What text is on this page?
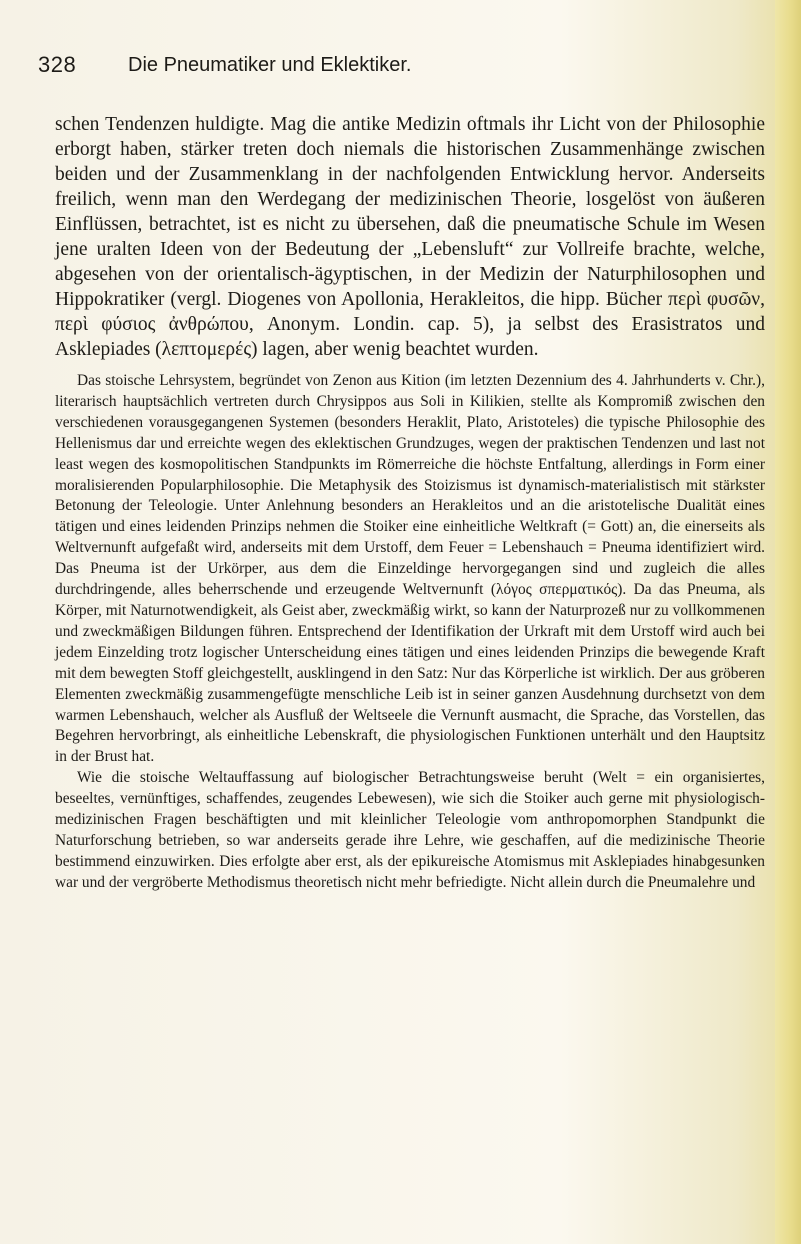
328	Die Pneumatiker und Eklektiker.

schen Tendenzen huldigte. Mag die antike Medizin oftmals ihr Licht von der Philosophie erborgt haben, stärker treten doch niemals die historischen Zusammenhänge zwischen beiden und der Zusammenklang in der nachfolgenden Entwicklung hervor. Anderseits freilich, wenn man den Werdegang der medizinischen Theorie, losgelöst von äußeren Einflüssen, betrachtet, ist es nicht zu übersehen, daß die pneumatische Schule im Wesen jene uralten Ideen von der Bedeutung der „Lebensluft“ zur Vollreife brachte, welche, abgesehen von der orientalisch-ägyptischen, in der Medizin der Naturphilosophen und Hippokratiker (vergl. Diogenes von Apollonia, Herakleitos, die hipp. Bücher περὶ φυσῶν, περὶ φύσιος ἀνθρώπου, Anonym. Londin. cap. 5), ja selbst des Erasistratos und Asklepiades (λεπτομερές) lagen, aber wenig beachtet wurden.

Das stoische Lehrsystem, begründet von Zenon aus Kition (im letzten Dezennium des 4. Jahrhunderts v. Chr.), literarisch hauptsächlich vertreten durch Chrysippos aus Soli in Kilikien, stellte als Kompromiß zwischen den verschiedenen vorausgegangenen Systemen (besonders Heraklit, Plato, Aristoteles) die typische Philosophie des Hellenismus dar und erreichte wegen des eklektischen Grundzuges, wegen der praktischen Tendenzen und last not least wegen des kosmopolitischen Standpunkts im Römerreiche die höchste Entfaltung, allerdings in Form einer moralisierenden Popularphilosophie. Die Metaphysik des Stoizismus ist dynamisch-materialistisch mit stärkster Betonung der Teleologie. Unter Anlehnung besonders an Herakleitos und an die aristotelische Dualität eines tätigen und eines leidenden Prinzips nehmen die Stoiker eine einheitliche Weltkraft (= Gott) an, die einerseits als Weltvernunft aufgefaßt wird, anderseits mit dem Urstoff, dem Feuer = Lebenshauch = Pneuma identifiziert wird. Das Pneuma ist der Urkörper, aus dem die Einzeldinge hervorgegangen sind und zugleich die alles durchdringende, alles beherrschende und erzeugende Weltvernunft (λόγος σπερματικός). Da das Pneuma, als Körper, mit Naturnotwendigkeit, als Geist aber, zweckmäßig wirkt, so kann der Naturprozeß nur zu vollkommenen und zweckmäßigen Bildungen führen. Entsprechend der Identifikation der Urkraft mit dem Urstoff wird auch bei jedem Einzelding trotz logischer Unterscheidung eines tätigen und eines leidenden Prinzips die bewegende Kraft mit dem bewegten Stoff gleichgestellt, ausklingend in den Satz: Nur das Körperliche ist wirklich. Der aus gröberen Elementen zweckmäßig zusammengefügte menschliche Leib ist in seiner ganzen Ausdehnung durchsetzt von dem warmen Lebenshauch, welcher als Ausfluß der Weltseele die Vernunft ausmacht, die Sprache, das Vorstellen, das Begehren hervorbringt, als einheitliche Lebenskraft, die physiologischen Funktionen unterhält und den Hauptsitz in der Brust hat.

Wie die stoische Weltauffassung auf biologischer Betrachtungsweise beruht (Welt = ein organisiertes, beseeltes, vernünftiges, schaffendes, zeugendes Lebewesen), wie sich die Stoiker auch gerne mit physiologisch-medizinischen Fragen beschäftigten und mit kleinlicher Teleologie vom anthropomorphen Standpunkt die Naturforschung betrieben, so war anderseits gerade ihre Lehre, wie geschaffen, auf die medizinische Theorie bestimmend einzuwirken. Dies erfolgte aber erst, als der epikureische Atomismus mit Asklepiades hinabgesunken war und der vergröberte Methodismus theoretisch nicht mehr befriedigte. Nicht allein durch die Pneumalehre und
